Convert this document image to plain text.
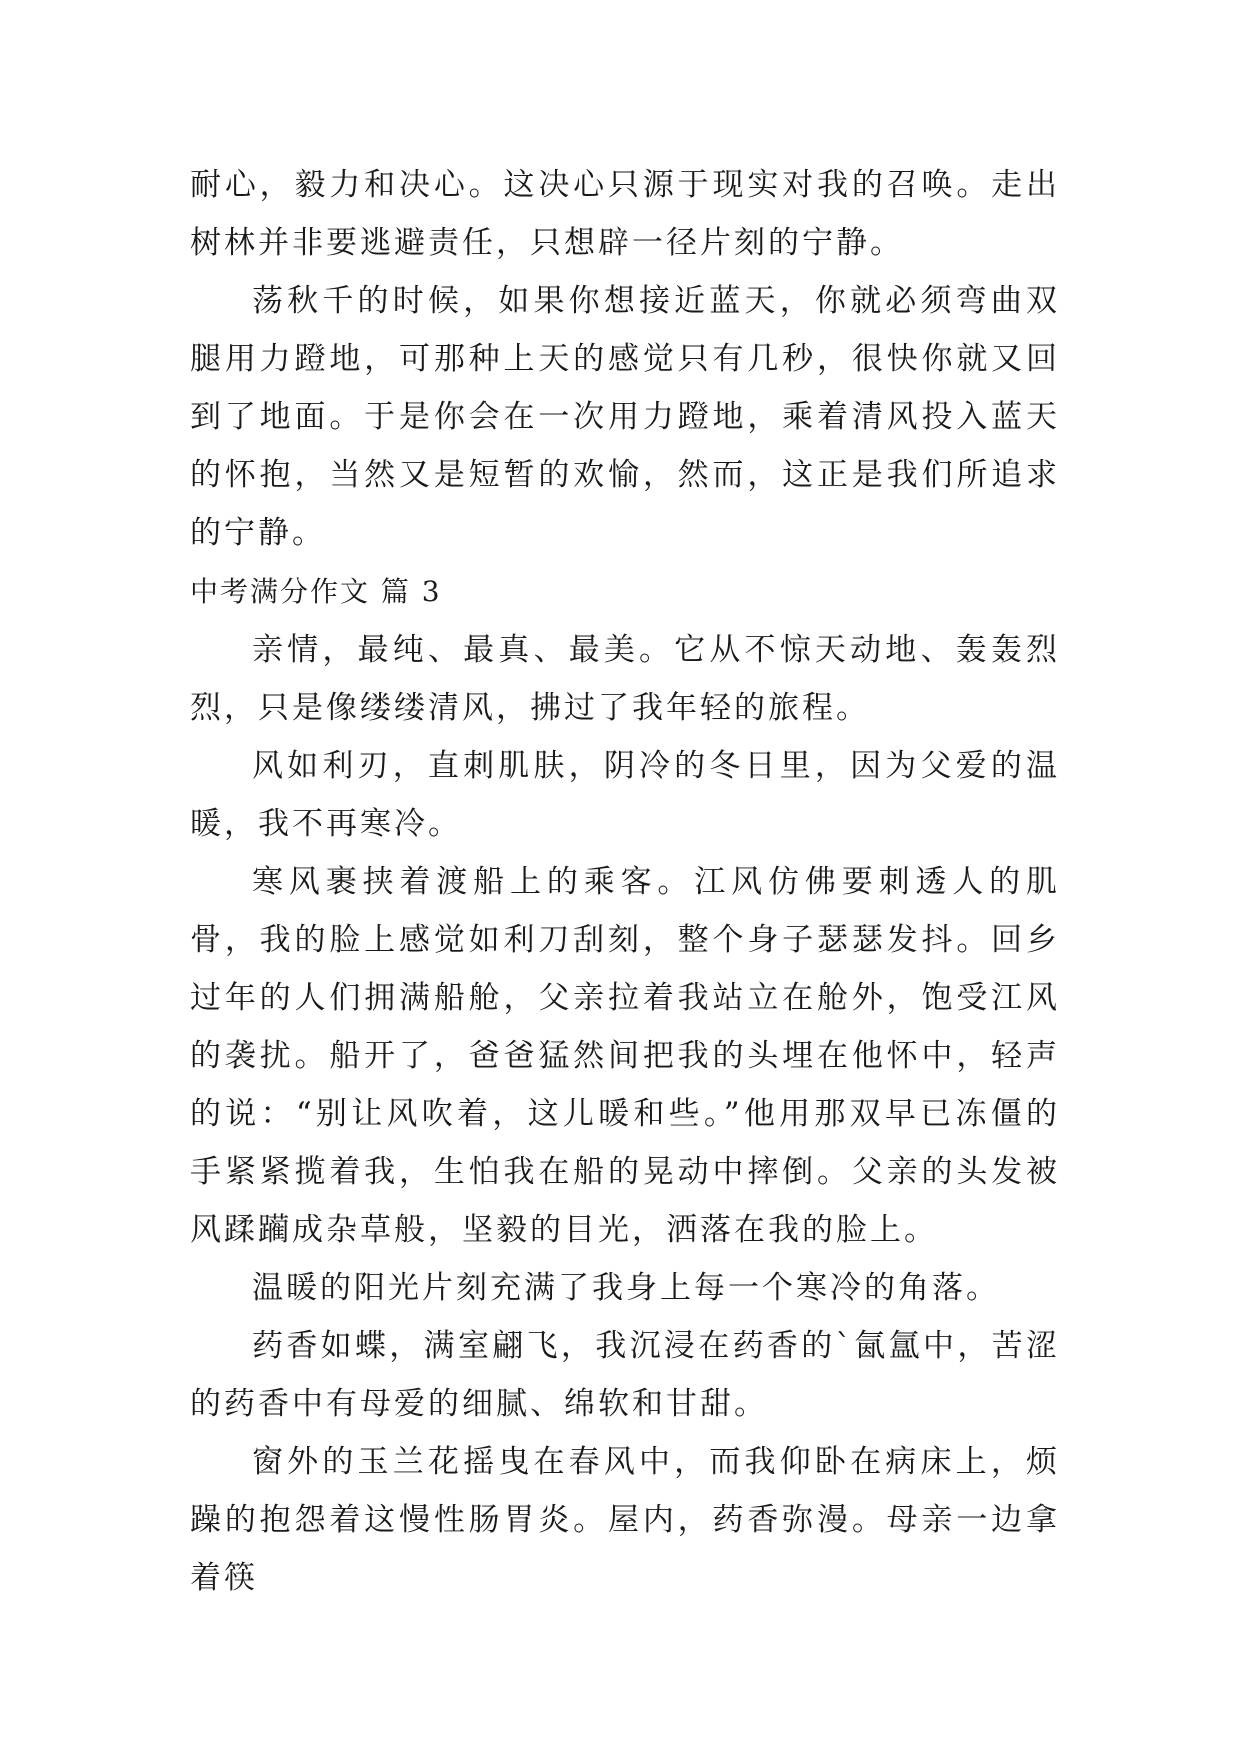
耐心，毅力和决心。这决心只源于现实对我的召唤。走出树林并非要逃避责任，只想辟一径片刻的宁静。

荡秋千的时候，如果你想接近蓝天，你就必须弯曲双腿用力蹬地，可那种上天的感觉只有几秒，很快你就又回到了地面。于是你会在一次用力蹬地，乘着清风投入蓝天的怀抱，当然又是短暂的欢愉，然而，这正是我们所追求的宁静。

中考满分作文 篇 3

亲情，最纯、最真、最美。它从不惊天动地、轰轰烈烈，只是像缕缕清风，拂过了我年轻的旅程。

风如利刃，直刺肌肤，阴冷的冬日里，因为父爱的温暖，我不再寒冷。

寒风裹挟着渡船上的乘客。江风仿佛要刺透人的肌骨，我的脸上感觉如利刀刮刻，整个身子瑟瑟发抖。回乡过年的人们拥满船舱，父亲拉着我站立在舱外，饱受江风的袭扰。船开了，爸爸猛然间把我的头埋在他怀中，轻声的说：“别让风吹着，这儿暖和些。”他用那双早已冻僵的手紧紧揽着我，生怕我在船的晃动中摔倒。父亲的头发被风蹂躏成杂草般，坚毅的目光，洒落在我的脸上。

温暖的阳光片刻充满了我身上每一个寒冷的角落。

药香如蝶，满室翩飞，我沉浸在药香的`氤氲中，苦涩的药香中有母爱的细腻、绵软和甘甜。

窗外的玉兰花摇曳在春风中，而我仰卧在病床上，烦躁的抱怨着这慢性肠胃炎。屋内，药香弥漫。母亲一边拿着筷
